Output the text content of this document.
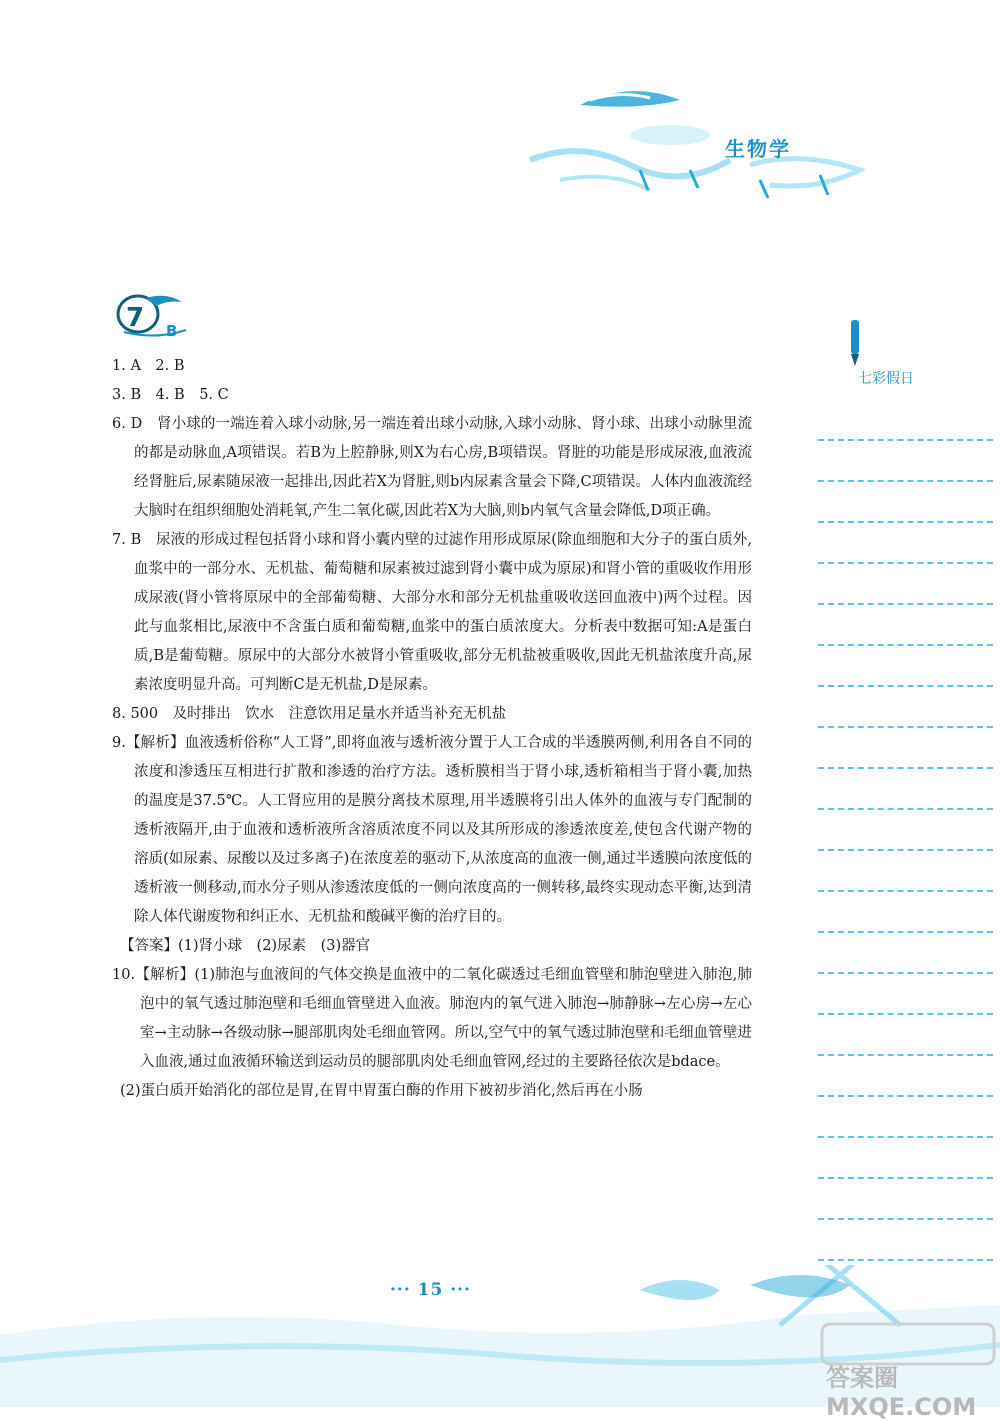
生物学
7 B
七彩假日

1. A　2. B

3. B　4. B　5. C

6. D　肾小球的一端连着入球小动脉,另一端连着出球小动脉,入球小动脉、肾小球、出球小动脉里流的都是动脉血,A项错误。若B为上腔静脉,则X为右心房,B项错误。肾脏的功能是形成尿液,血液流经肾脏后,尿素随尿液一起排出,因此若X为肾脏,则b内尿素含量会下降,C项错误。人体内血液流经大脑时在组织细胞处消耗氧,产生二氧化碳,因此若X为大脑,则b内氧气含量会降低,D项正确。

7. B　尿液的形成过程包括肾小球和肾小囊内壁的过滤作用形成原尿(除血细胞和大分子的蛋白质外,血浆中的一部分水、无机盐、葡萄糖和尿素被过滤到肾小囊中成为原尿)和肾小管的重吸收作用形成尿液(肾小管将原尿中的全部葡萄糖、大部分水和部分无机盐重吸收送回血液中)两个过程。因此与血浆相比,尿液中不含蛋白质和葡萄糖,血浆中的蛋白质浓度大。分析表中数据可知:A是蛋白质,B是葡萄糖。原尿中的大部分水被肾小管重吸收,部分无机盐被重吸收,因此无机盐浓度升高,尿素浓度明显升高。可判断C是无机盐,D是尿素。

8. 500　及时排出　饮水　注意饮用足量水并适当补充无机盐

9.【解析】血液透析俗称“人工肾”,即将血液与透析液分置于人工合成的半透膜两侧,利用各自不同的浓度和渗透压互相进行扩散和渗透的治疗方法。透析膜相当于肾小球,透析箱相当于肾小囊,加热的温度是37.5℃。人工肾应用的是膜分离技术原理,用半透膜将引出人体外的血液与专门配制的透析液隔开,由于血液和透析液所含溶质浓度不同以及其所形成的渗透浓度差,使包含代谢产物的溶质(如尿素、尿酸以及过多离子)在浓度差的驱动下,从浓度高的血液一侧,通过半透膜向浓度低的透析液一侧移动,而水分子则从渗透浓度低的一侧向浓度高的一侧转移,最终实现动态平衡,达到清除人体代谢废物和纠正水、无机盐和酸碱平衡的治疗目的。

【答案】(1)肾小球　(2)尿素　(3)器官

10.【解析】(1)肺泡与血液间的气体交换是血液中的二氧化碳透过毛细血管壁和肺泡壁进入肺泡,肺泡中的氧气透过肺泡壁和毛细血管壁进入血液。肺泡内的氧气进入肺泡→肺静脉→左心房→左心室→主动脉→各级动脉→腿部肌肉处毛细血管网。所以,空气中的氧气透过肺泡壁和毛细血管壁进入血液,通过血液循环输送到运动员的腿部肌肉处毛细血管网,经过的主要路径依次是bdace。

(2)蛋白质开始消化的部位是胃,在胃中胃蛋白酶的作用下被初步消化,然后再在小肠

··· 15 ···
答案圈 MXQE.COM
